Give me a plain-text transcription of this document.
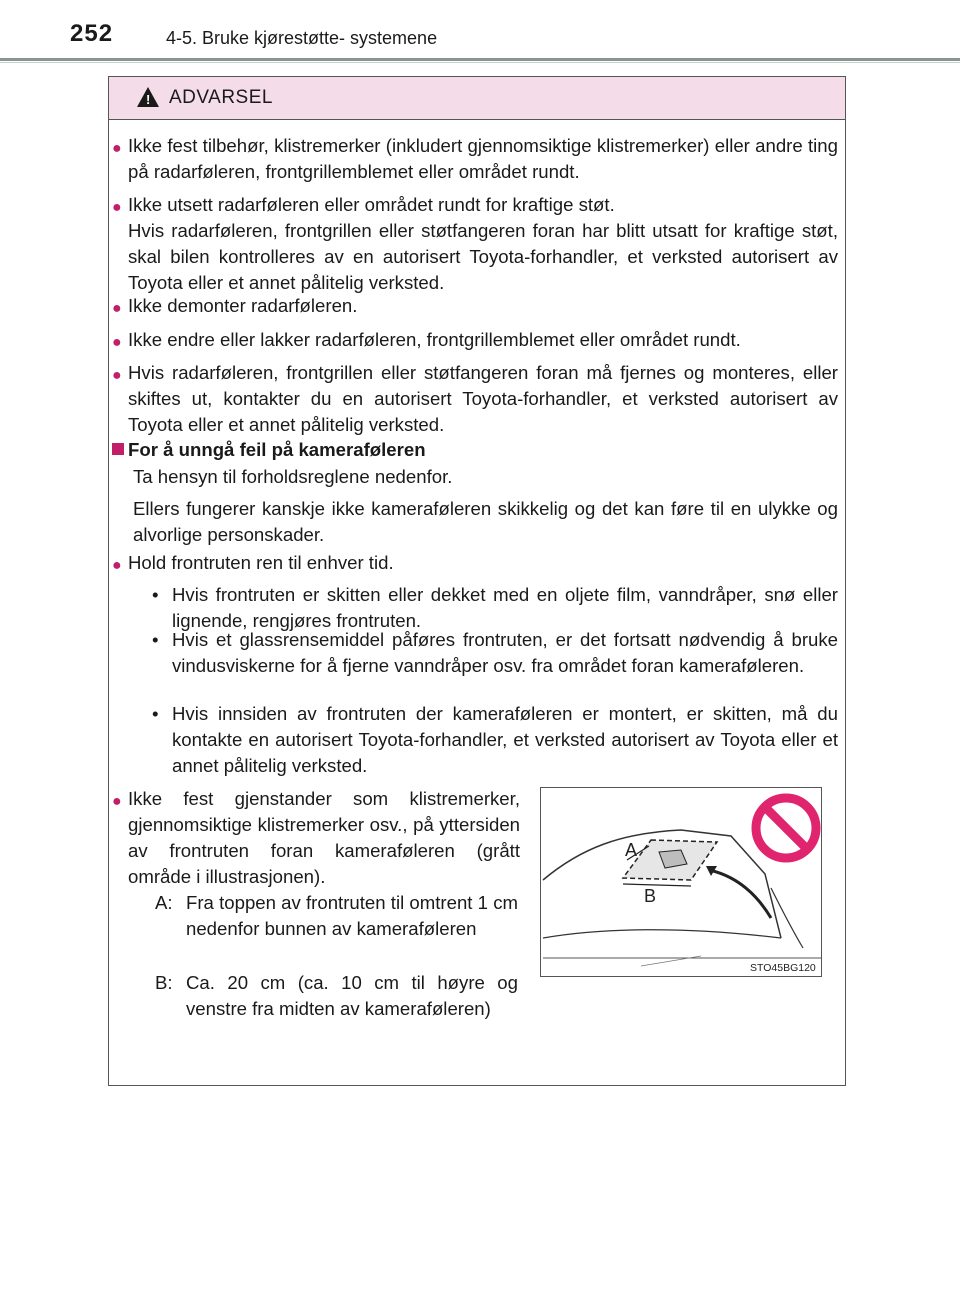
252	4-5. Bruke kjørestøtte- systemene
! ADVARSEL
● Ikke fest tilbehør, klistremerker (inkludert gjennomsiktige klistremerker) eller andre ting på radarføleren, frontgrillemblemet eller området rundt.
● Ikke utsett radarføleren eller området rundt for kraftige støt.
Hvis radarføleren, frontgrillen eller støtfangeren foran har blitt utsatt for kraftige støt, skal bilen kontrolleres av en autorisert Toyota-forhandler, et verksted autorisert av Toyota eller et annet pålitelig verksted.
● Ikke demonter radarføleren.
● Ikke endre eller lakker radarføleren, frontgrillemblemet eller området rundt.
● Hvis radarføleren, frontgrillen eller støtfangeren foran må fjernes og monteres, eller skiftes ut, kontakter du en autorisert Toyota-forhandler, et verksted autorisert av Toyota eller et annet pålitelig verksted.
For å unngå feil på kameraføleren
Ta hensyn til forholdsreglene nedenfor.
Ellers fungerer kanskje ikke kameraføleren skikkelig og det kan føre til en ulykke og alvorlige personskader.
● Hold frontruten ren til enhver tid.
• Hvis frontruten er skitten eller dekket med en oljete film, vanndråper, snø eller lignende, rengjøres frontruten.
• Hvis et glassrensemiddel påføres frontruten, er det fortsatt nødvendig å bruke vindusviskerne for å fjerne vanndråper osv. fra området foran kameraføleren.
• Hvis innsiden av frontruten der kameraføleren er montert, er skitten, må du kontakte en autorisert Toyota-forhandler, et verksted autorisert av Toyota eller et annet pålitelig verksted.
● Ikke fest gjenstander som klistremerker, gjennomsiktige klistremerker osv., på yttersiden av frontruten foran kameraføleren (grått område i illustrasjonen).
A: Fra toppen av frontruten til omtrent 1 cm nedenfor bunnen av kameraføleren
B: Ca. 20 cm (ca. 10 cm til høyre og venstre fra midten av kameraføleren)
A
B
STO45BG120
